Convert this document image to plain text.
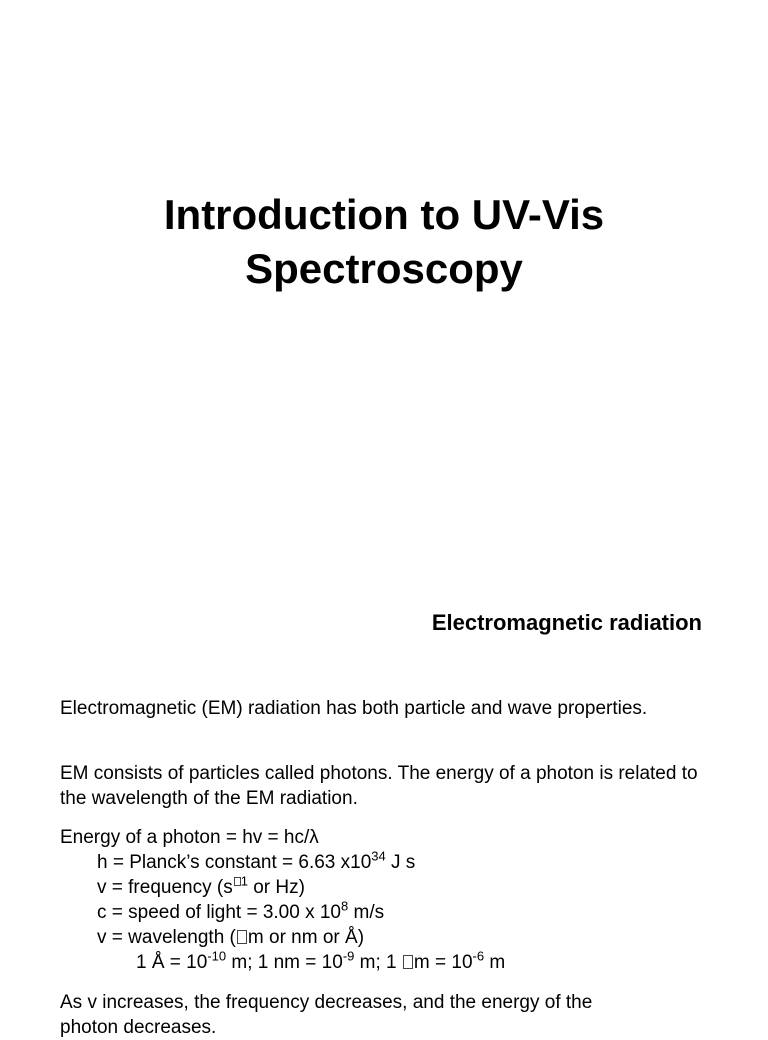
Introduction to UV-Vis
Spectroscopy
Electromagnetic radiation

Electromagnetic (EM) radiation has both particle and wave properties.

EM consists of particles called photons. The energy of a photon is related to the wavelength of the EM radiation.

Energy of a photon = hv = hc/λ
h = Planck’s constant = 6.63 $x10^{34}$ J s
v = frequency (s $^1$ or Hz)
c = speed of light = 3.00 x $10^8$ m/s
v = wavelength ( m or nm or Å)
1 Å = $10^{-10}$ m; 1 nm = $10^{-9}$ m; 1 $m = 10^{-6}$ m

As v increases, the frequency decreases, and the energy of the
photon decreases.
